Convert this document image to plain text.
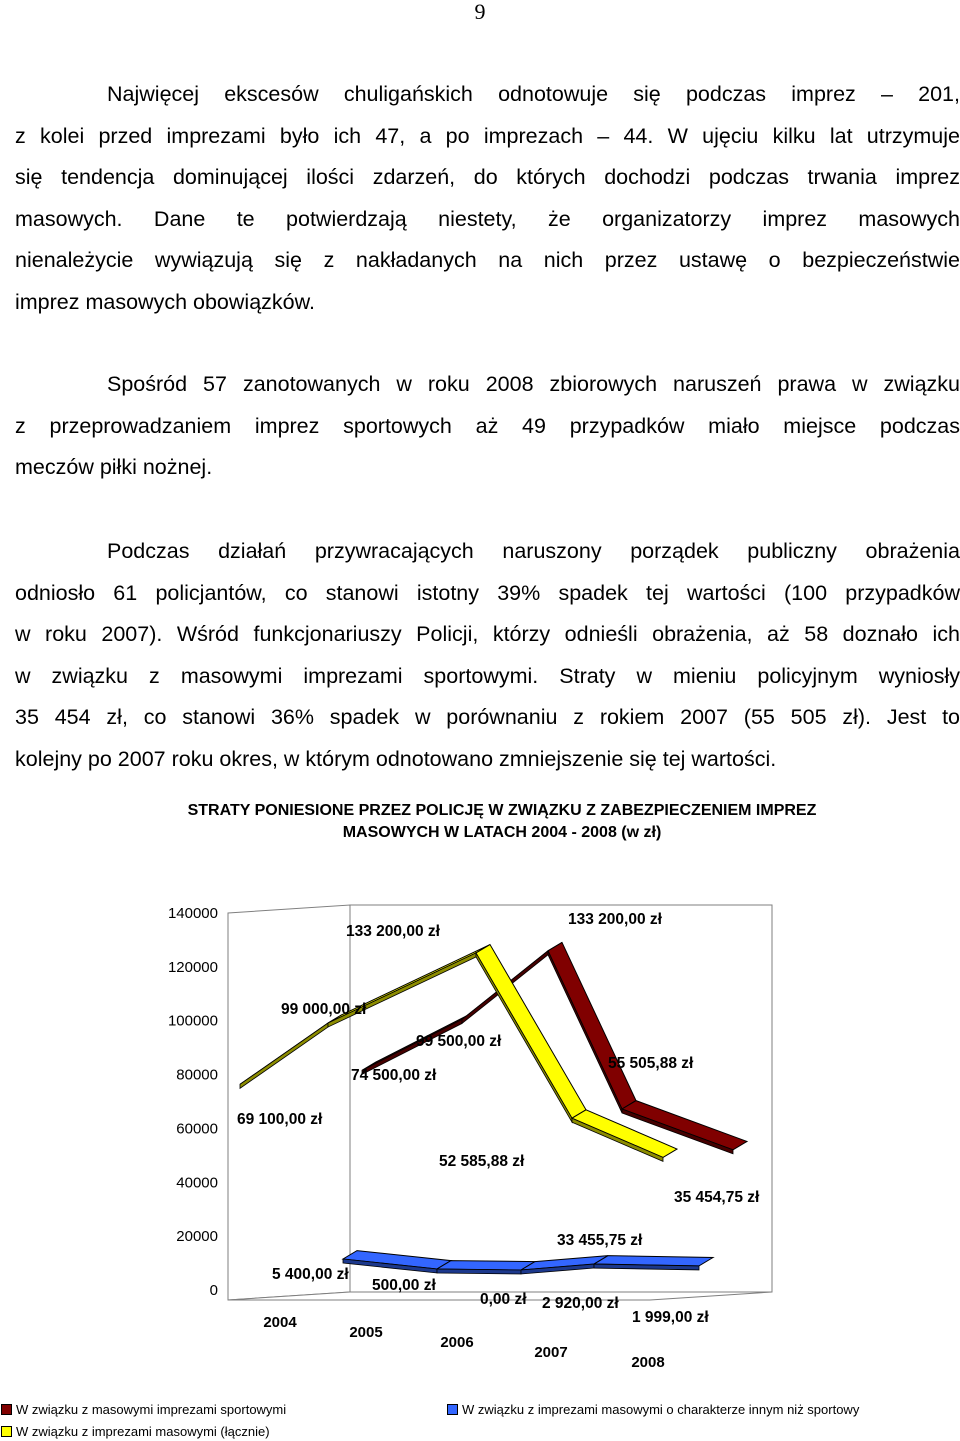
9
Najwięcej ekscesów chuligańskich odnotowuje się podczas imprez – 201,
z kolei przed imprezami było ich 47, a po imprezach – 44. W ujęciu kilku lat utrzymuje
się tendencja dominującej ilości zdarzeń, do których dochodzi podczas trwania imprez
masowych. Dane te potwierdzają niestety, że organizatorzy imprez masowych
nienależycie wywiązują się z nakładanych na nich przez ustawę o bezpieczeństwie
imprez masowych obowiązków.
Spośród 57 zanotowanych w roku 2008 zbiorowych naruszeń prawa w związku
z przeprowadzaniem imprez sportowych aż 49 przypadków miało miejsce podczas
meczów piłki nożnej.
Podczas działań przywracających naruszony porządek publiczny obrażenia
odniosło 61 policjantów, co stanowi istotny 39% spadek tej wartości (100 przypadków
w roku 2007). Wśród funkcjonariuszy Policji, którzy odnieśli obrażenia, aż 58 doznało ich
w związku z masowymi imprezami sportowymi. Straty w mieniu policyjnym wyniosły
35 454 zł, co stanowi 36% spadek w porównaniu z rokiem 2007 (55 505 zł). Jest to
kolejny po 2007 roku okres, w którym odnotowano zmniejszenie się tej wartości.
STRATY PONIESIONE PRZEZ POLICJĘ W ZWIĄZKU Z ZABEZPIECZENIEM IMPREZ
MASOWYCH W LATACH 2004 - 2008 (w zł)
140000
120000
100000
80000
60000
40000
20000
0
2004
2005
2006
2007
2008
74 500,00 zł
99 500,00 zł
133 200,00 zł
55 505,88 zł
35 454,75 zł
5 400,00 zł
500,00 zł
0,00 zł 2 920,00 zł
1 999,00 zł
69 100,00 zł
99 000,00 zł
133 200,00 zł
52 585,88 zł
33 455,75 zł
W związku z masowymi imprezami sportowymi	W związku z imprezami masowymi o charakterze innym niż sportowy
W związku z imprezami masowymi (łącznie)
